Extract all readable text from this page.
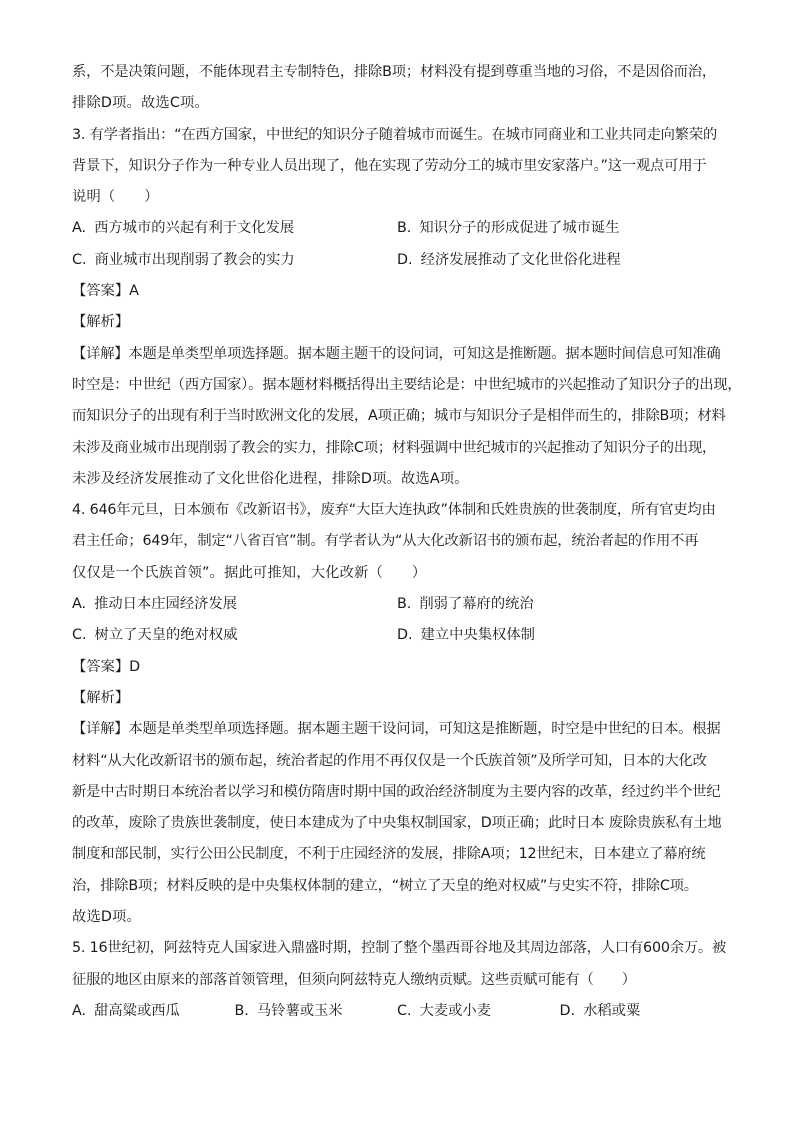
系，不是决策问题，不能体现君主专制特色，排除B项；材料没有提到尊重当地的习俗，不是因俗而治，
排除D项。故选C项。
3. 有学者指出：“在西方国家，中世纪的知识分子随着城市而诞生。在城市同商业和工业共同走向繁荣的
背景下，知识分子作为一种专业人员出现了，他在实现了劳动分工的城市里安家落户。”这一观点可用于
说明（　　）
A. 西方城市的兴起有利于文化发展	B. 知识分子的形成促进了城市诞生
C. 商业城市出现削弱了教会的实力	D. 经济发展推动了文化世俗化进程
【答案】A
【解析】
【详解】本题是单类型单项选择题。据本题主题干的设问词，可知这是推断题。据本题时间信息可知准确
时空是：中世纪（西方国家）。据本题材料概括得出主要结论是：中世纪城市的兴起推动了知识分子的出现，
而知识分子的出现有利于当时欧洲文化的发展，A项正确；城市与知识分子是相伴而生的，排除B项；材料
未涉及商业城市出现削弱了教会的实力，排除C项；材料强调中世纪城市的兴起推动了知识分子的出现，
未涉及经济发展推动了文化世俗化进程，排除D项。故选A项。
4. 646年元旦，日本颁布《改新诏书》，废弃“大臣大连执政”体制和氏姓贵族的世袭制度，所有官吏均由
君主任命；649年，制定“八省百官”制。有学者认为“从大化改新诏书的颁布起，统治者起的作用不再
仅仅是一个氏族首领”。据此可推知，大化改新（　　）
A. 推动日本庄园经济发展	B. 削弱了幕府的统治
C. 树立了天皇的绝对权威	D. 建立中央集权体制
【答案】D
【解析】
【详解】本题是单类型单项选择题。据本题主题干设问词，可知这是推断题，时空是中世纪的日本。根据
材料“从大化改新诏书的颁布起，统治者起的作用不再仅仅是一个氏族首领”及所学可知，日本的大化改
新是中古时期日本统治者以学习和模仿隋唐时期中国的政治经济制度为主要内容的改革，经过约半个世纪
的改革，废除了贵族世袭制度，使日本建成为了中央集权制国家，D项正确；此时日本 废除贵族私有土地
制度和部民制，实行公田公民制度，不利于庄园经济的发展，排除A项；12世纪末，日本建立了幕府统
治，排除B项；材料反映的是中央集权体制的建立，“树立了天皇的绝对权威”与史实不符，排除C项。
故选D项。
5. 16世纪初，阿兹特克人国家进入鼎盛时期，控制了整个墨西哥谷地及其周边部落，人口有600余万。被
征服的地区由原来的部落首领管理，但须向阿兹特克人缴纳贡赋。这些贡赋可能有（　　）
A. 甜高粱或西瓜	B. 马铃薯或玉米	C. 大麦或小麦	D. 水稻或粟
